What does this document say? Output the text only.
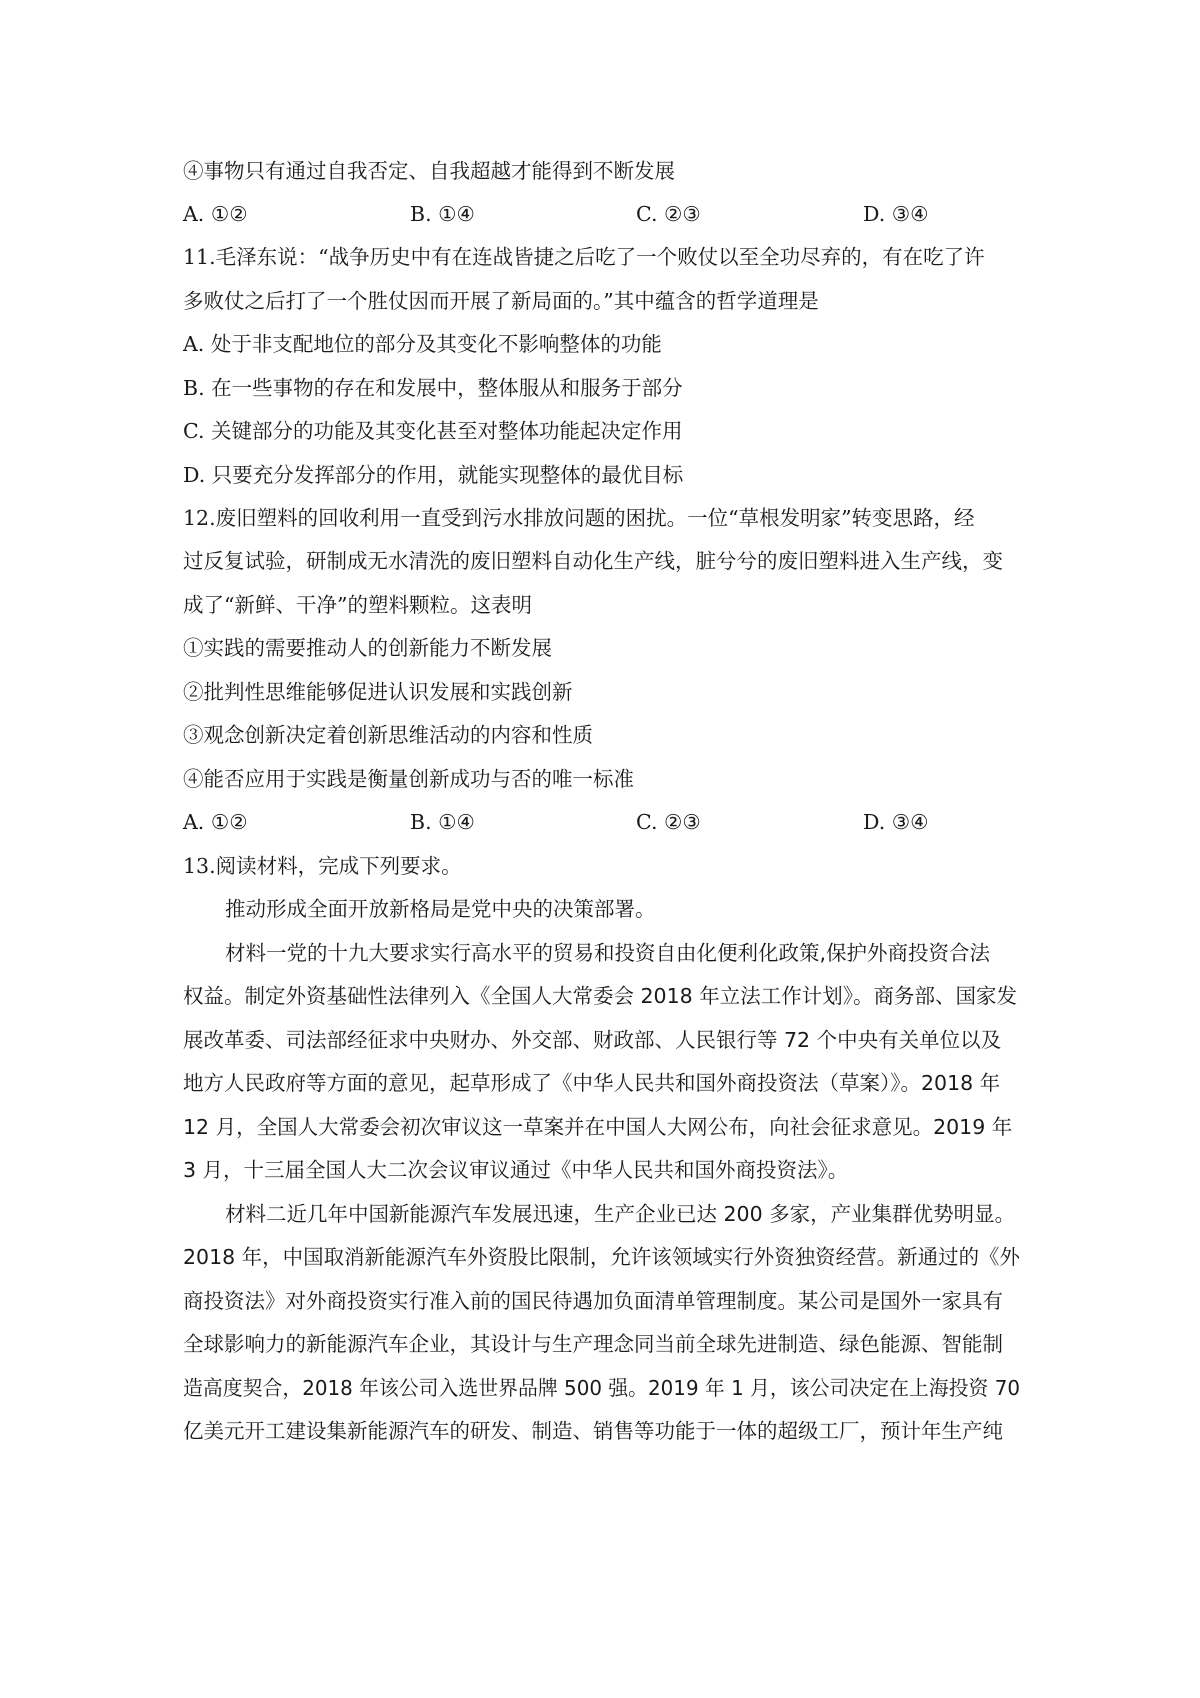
④事物只有通过自我否定、自我超越才能得到不断发展
A. ①②	B. ①④	C. ②③	D. ③④
11.毛泽东说：“战争历史中有在连战皆捷之后吃了一个败仗以至全功尽弃的，有在吃了许
多败仗之后打了一个胜仗因而开展了新局面的。”其中蕴含的哲学道理是
A. 处于非支配地位的部分及其变化不影响整体的功能
B. 在一些事物的存在和发展中，整体服从和服务于部分
C. 关键部分的功能及其变化甚至对整体功能起决定作用
D. 只要充分发挥部分的作用，就能实现整体的最优目标
12.废旧塑料的回收利用一直受到污水排放问题的困扰。一位“草根发明家”转变思路，经
过反复试验，研制成无水清洗的废旧塑料自动化生产线，脏兮兮的废旧塑料进入生产线，变
成了“新鲜、干净”的塑料颗粒。这表明
①实践的需要推动人的创新能力不断发展
②批判性思维能够促进认识发展和实践创新
③观念创新决定着创新思维活动的内容和性质
④能否应用于实践是衡量创新成功与否的唯一标准
A. ①②	B. ①④	C. ②③	D. ③④
13.阅读材料，完成下列要求。
推动形成全面开放新格局是党中央的决策部署。
材料一党的十九大要求实行高水平的贸易和投资自由化便利化政策,保护外商投资合法
权益。制定外资基础性法律列入《全国人大常委会 2018 年立法工作计划》。商务部、国家发
展改革委、司法部经征求中央财办、外交部、财政部、人民银行等 72 个中央有关单位以及
地方人民政府等方面的意见，起草形成了《中华人民共和国外商投资法（草案）》。2018 年
12 月，全国人大常委会初次审议这一草案并在中国人大网公布，向社会征求意见。2019 年
3 月，十三届全国人大二次会议审议通过《中华人民共和国外商投资法》。
材料二近几年中国新能源汽车发展迅速，生产企业已达 200 多家，产业集群优势明显。
2018 年，中国取消新能源汽车外资股比限制，允许该领域实行外资独资经营。新通过的《外
商投资法》对外商投资实行准入前的国民待遇加负面清单管理制度。某公司是国外一家具有
全球影响力的新能源汽车企业，其设计与生产理念同当前全球先进制造、绿色能源、智能制
造高度契合，2018 年该公司入选世界品牌 500 强。2019 年 1 月，该公司决定在上海投资 70
亿美元开工建设集新能源汽车的研发、制造、销售等功能于一体的超级工厂，预计年生产纯
